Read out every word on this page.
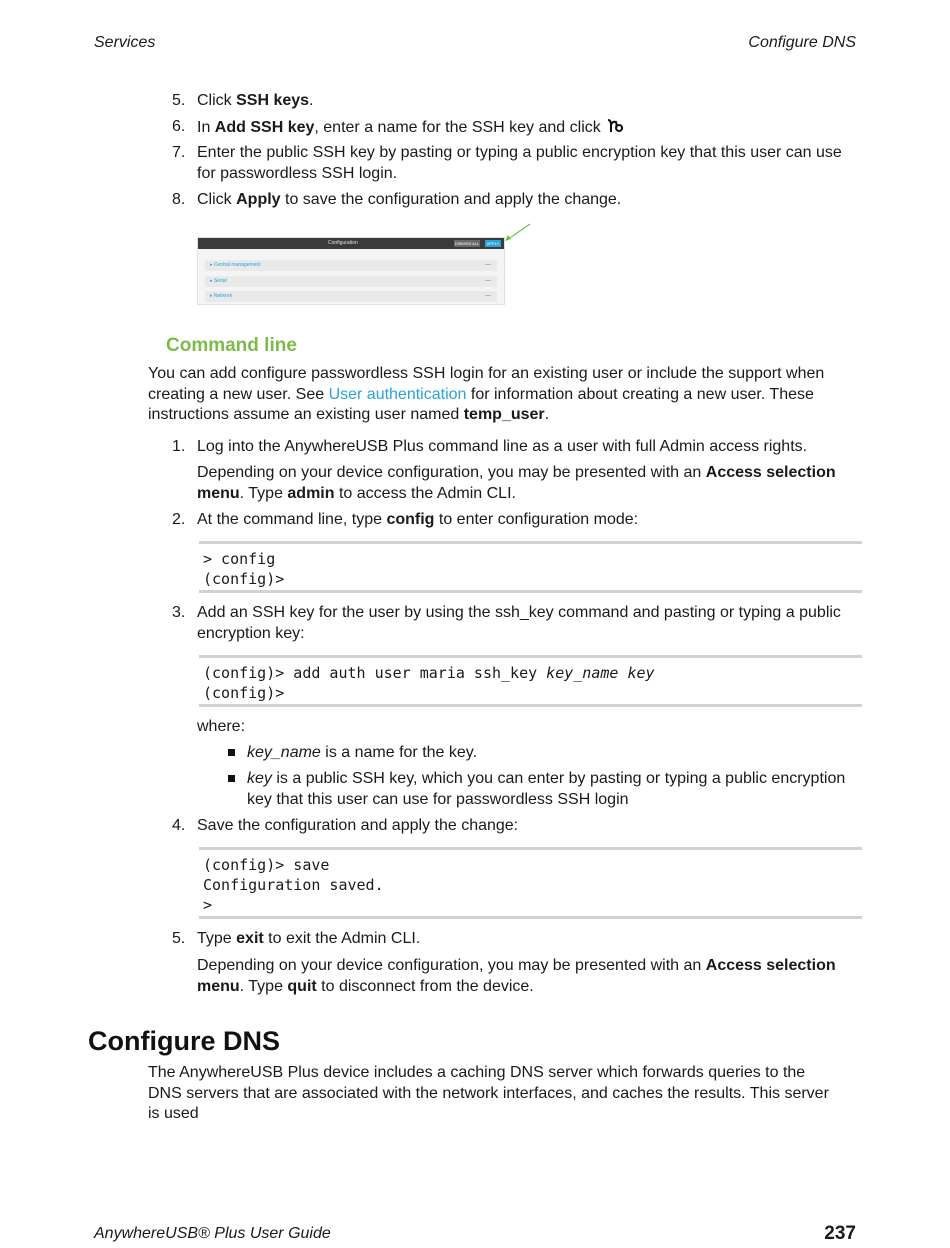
Services	Configure DNS
5. Click SSH keys.
6. In Add SSH key, enter a name for the SSH key and click
7. Enter the public SSH key by pasting or typing a public encryption key that this user can use for passwordless SSH login.
8. Click Apply to save the configuration and apply the change.
Configuration	DISMISS ALL	APPLY
▸ Central management	—
▸ Serial	—
▸ Network	—
Command line
You can add configure passwordless SSH login for an existing user or include the support when creating a new user. See User authentication for information about creating a new user. These instructions assume an existing user named temp_user.
1. Log into the AnywhereUSB Plus command line as a user with full Admin access rights.
Depending on your device configuration, you may be presented with an Access selection menu. Type admin to access the Admin CLI.
2. At the command line, type config to enter configuration mode:
> config
(config)>
3. Add an SSH key for the user by using the ssh_key command and pasting or typing a public encryption key:
(config)> add auth user maria ssh_key key_name key
(config)>
where:
key_name is a name for the key.
key is a public SSH key, which you can enter by pasting or typing a public encryption key that this user can use for passwordless SSH login
4. Save the configuration and apply the change:
(config)> save
Configuration saved.
>
5. Type exit to exit the Admin CLI.
Depending on your device configuration, you may be presented with an Access selection menu. Type quit to disconnect from the device.
Configure DNS
The AnywhereUSB Plus device includes a caching DNS server which forwards queries to the DNS servers that are associated with the network interfaces, and caches the results. This server is used
AnywhereUSB® Plus User Guide	237
